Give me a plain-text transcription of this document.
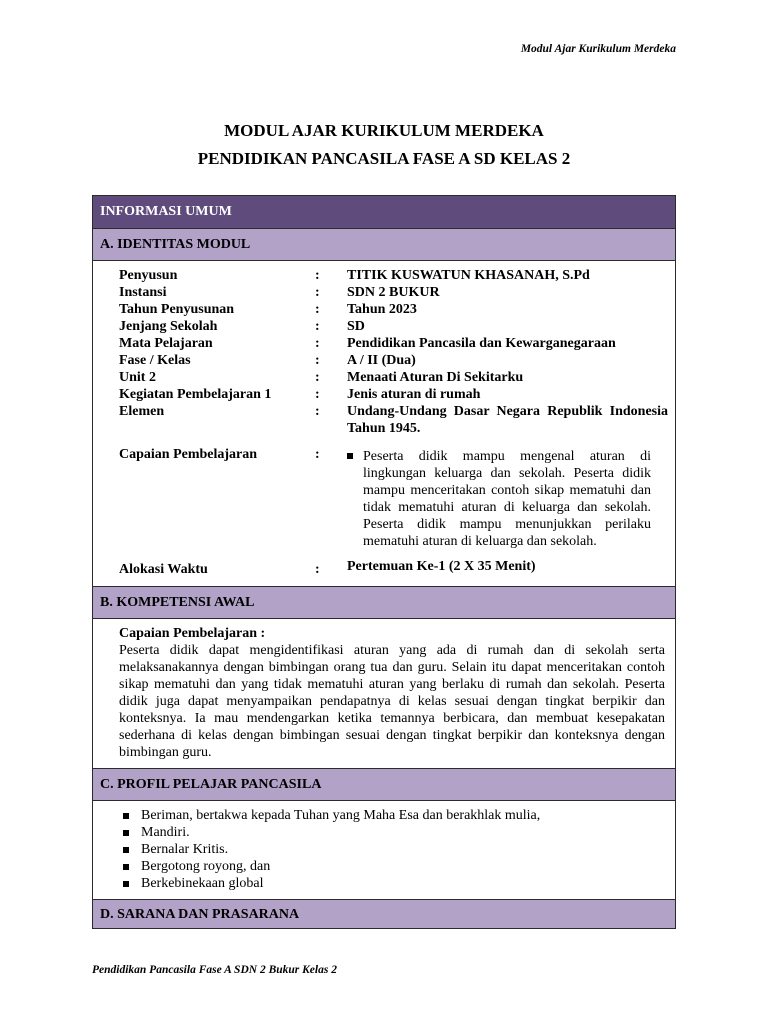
Modul Ajar Kurikulum Merdeka
MODUL AJAR KURIKULUM MERDEKA
PENDIDIKAN PANCASILA FASE A SD KELAS 2
INFORMASI UMUM
A. IDENTITAS MODUL
Penyusun	:	TITIK KUSWATUN KHASANAH, S.Pd
Instansi	:	SDN 2 BUKUR
Tahun Penyusunan	:	Tahun 2023
Jenjang Sekolah	:	SD
Mata Pelajaran	:	Pendidikan Pancasila dan Kewarganegaraan
Fase / Kelas	:	A / II (Dua)
Unit 2	:	Menaati Aturan Di Sekitarku
Kegiatan Pembelajaran 1	:	Jenis aturan di rumah
Elemen	:	Undang-Undang Dasar Negara Republik Indonesia Tahun 1945.
Capaian Pembelajaran	:	Peserta didik mampu mengenal aturan di lingkungan keluarga dan sekolah. Peserta didik mampu menceritakan contoh sikap mematuhi dan tidak mematuhi aturan di keluarga dan sekolah. Peserta didik mampu menunjukkan perilaku mematuhi aturan di keluarga dan sekolah.
Alokasi Waktu	:	Pertemuan Ke-1 (2 X 35 Menit)
B. KOMPETENSI AWAL
Capaian Pembelajaran :
Peserta didik dapat mengidentifikasi aturan yang ada di rumah dan di sekolah serta melaksanakannya dengan bimbingan orang tua dan guru. Selain itu dapat menceritakan contoh sikap mematuhi dan yang tidak mematuhi aturan yang berlaku di rumah dan sekolah. Peserta didik juga dapat menyampaikan pendapatnya di kelas sesuai dengan tingkat berpikir dan konteksnya. Ia mau mendengarkan ketika temannya berbicara, dan membuat kesepakatan sederhana di kelas dengan bimbingan sesuai dengan tingkat berpikir dan konteksnya dengan bimbingan guru.
C. PROFIL PELAJAR PANCASILA
Beriman, bertakwa kepada Tuhan yang Maha Esa dan berakhlak mulia,
Mandiri.
Bernalar Kritis.
Bergotong royong, dan
Berkebinekaan global
D. SARANA DAN PRASARANA
Pendidikan Pancasila Fase A SDN 2 Bukur Kelas 2
